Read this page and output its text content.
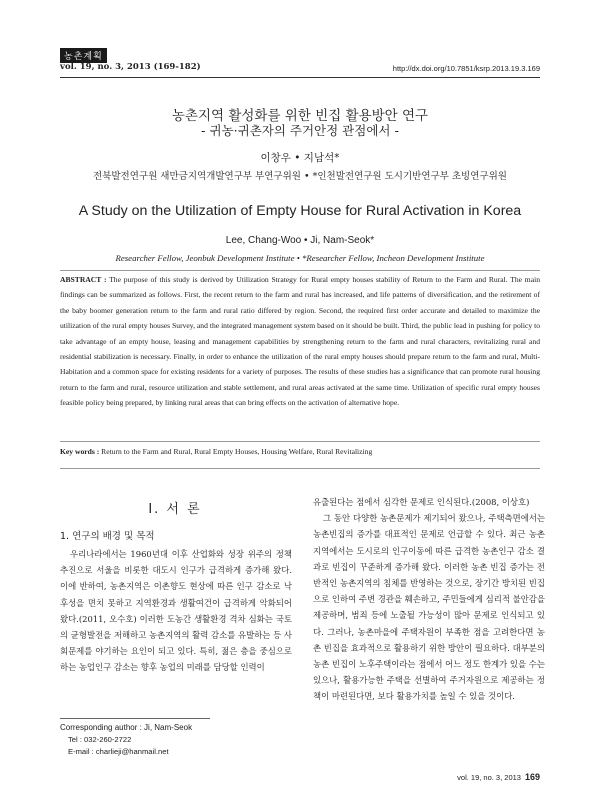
농촌계획
vol. 19, no. 3, 2013 (169-182)	http://dx.doi.org/10.7851/ksrp.2013.19.3.169
농촌지역 활성화를 위한 빈집 활용방안 연구
- 귀농·귀촌자의 주거안정 관점에서 -
이창우 • 지남석*
전북발전연구원 새만금지역개발연구부 부연구위원 • *인천발전연구원 도시기반연구부 초빙연구위원
A Study on the Utilization of Empty House for Rural Activation in Korea
Lee, Chang-Woo • Ji, Nam-Seok*
Researcher Fellow, Jeonbuk Development Institute • *Researcher Fellow, Incheon Development Institute
ABSTRACT : The purpose of this study is derived by Utilization Strategy for Rural empty houses stability of Return to the Farm and Rural. The main findings can be summarized as follows. First, the recent return to the farm and rural has increased, and life patterns of diversification, and the retirement of the baby boomer generation return to the farm and rural ratio differed by region. Second, the required first order accurate and detailed to maximize the utilization of the rural empty houses Survey, and the integrated management system based on it should be built. Third, the public lead in pushing for policy to take advantage of an empty house, leasing and management capabilities by strengthening return to the farm and rural characters, revitalizing rural and residential stabilization is necessary. Finally, in order to enhance the utilization of the rural empty houses should prepare return to the farm and rural, Multi-Habitation and a common space for existing residents for a variety of purposes. The results of these studies has a significance that can promote rural housing return to the farm and rural, resource utilization and stable settlement, and rural areas activated at the same time. Utilization of specific rural empty houses feasible policy being prepared, by linking rural areas that can bring effects on the activation of alternative hope.
Key words : Return to the Farm and Rural, Rural Empty Houses, Housing Welfare, Rural Revitalizing
I. 서 론
1. 연구의 배경 및 목적

우리나라에서는 1960년대 이후 산업화와 성장 위주의 정책 추진으로 서울을 비롯한 대도시 인구가 급격하게 증가해 왔다. 이에 반하여, 농촌지역은 이촌향도 현상에 따른 인구 감소로 낙후성을 면치 못하고 지역환경과 생활여건이 급격하게 악화되어 왔다.(2011, 오수호) 이러한 도농간 생활환경 격차 심화는 국토의 균형발전을 저해하고 농촌지역의 활력 감소를 유발하는 등 사회문제를 야기하는 요인이 되고 있다. 특히, 젊은 층을 중심으로 하는 농업인구 감소는 향후 농업의 미래를 담당할 인력이

유출된다는 점에서 심각한 문제로 인식된다.(2008, 이상호)

그 동안 다양한 농촌문제가 제기되어 왔으나, 주택측면에서는 농촌빈집의 증가를 대표적인 문제로 언급할 수 있다. 최근 농촌지역에서는 도시로의 인구이동에 따른 급격한 농촌인구 감소 결과로 빈집이 꾸준하게 증가해 왔다. 이러한 농촌 빈집 증가는 전반적인 농촌지역의 침체를 반영하는 것으로, 장기간 방치된 빈집으로 인하여 주변 경관을 훼손하고, 주민들에게 심리적 불안감을 제공하며, 범죄 등에 노출될 가능성이 많아 문제로 인식되고 있다. 그러나, 농촌마을에 주택자원이 부족한 점을 고려한다면 농촌 빈집을 효과적으로 활용하기 위한 방안이 필요하다. 대부분의 농촌 빈집이 노후주택이라는 점에서 어느 정도 한계가 있을 수는 있으나, 활용가능한 주택을 선별하여 주거자원으로 제공하는 정책이 마련된다면, 보다 활용가치를 높일 수 있을 것이다.

Corresponding author : Ji, Nam-Seok
Tel : 032-260-2722
E-mail : charlieji@hanmail.net
vol. 19, no. 3, 2013 169
